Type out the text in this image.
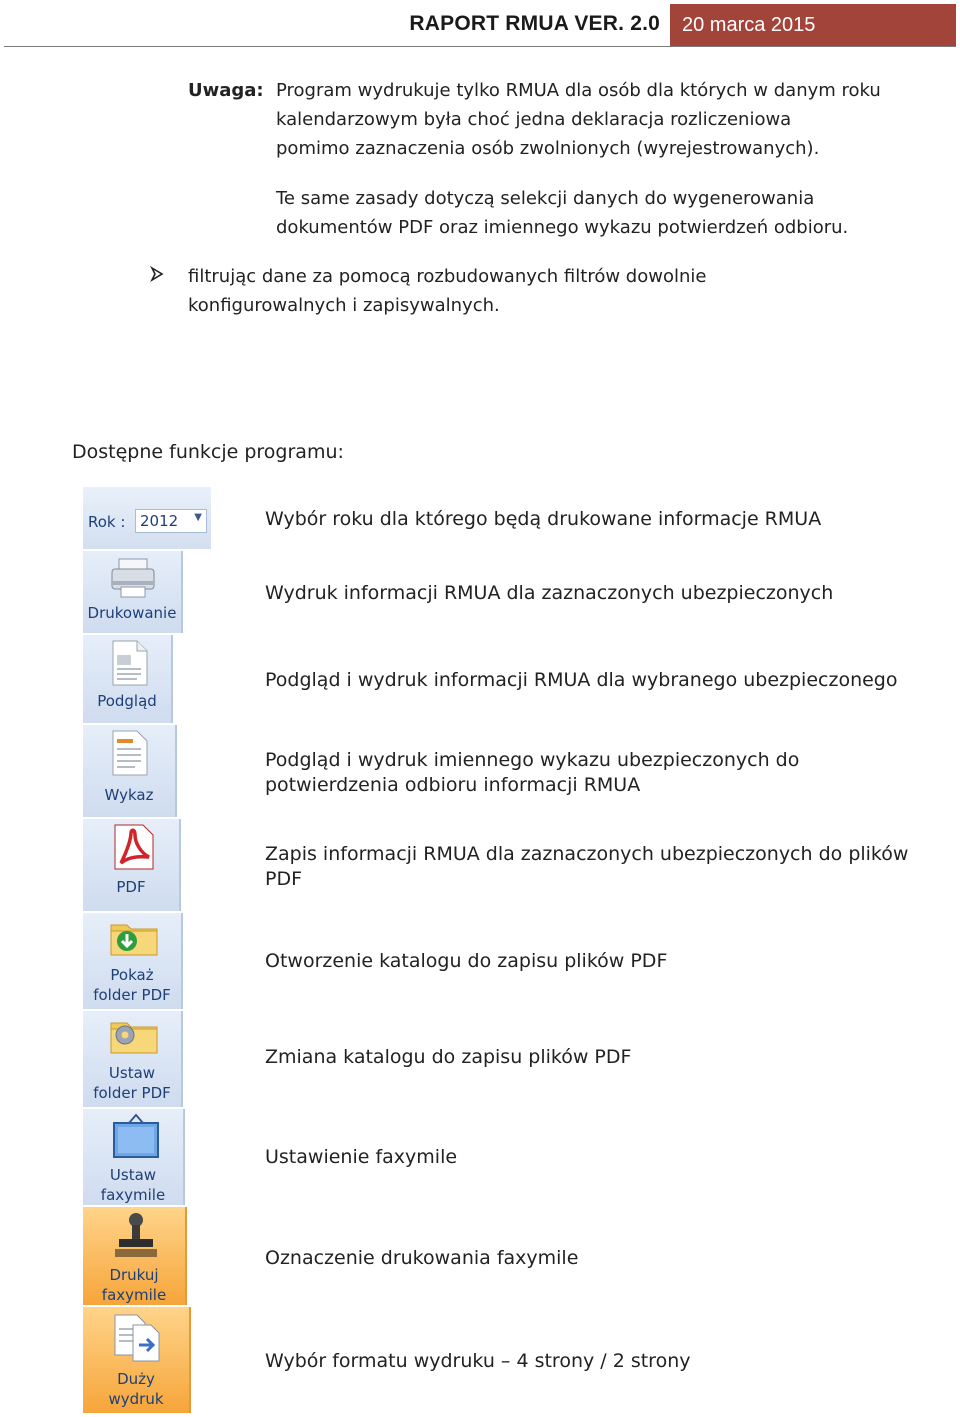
RAPORT RMUA VER. 2.0 20 marca 2015
Uwaga: Program wydrukuje tylko RMUA dla osób dla których w danym roku
kalendarzowym była choć jedna deklaracja rozliczeniowa
pomimo zaznaczenia osób zwolnionych (wyrejestrowanych).
Te same zasady dotyczą selekcji danych do wygenerowania
dokumentów PDF oraz imiennego wykazu potwierdzeń odbioru.
filtrując dane za pomocą rozbudowanych filtrów dowolnie
konfigurowalnych i zapisywalnych.
Dostępne funkcje programu:
Rok : 2012 ▼
Drukowanie
Podgląd
Wykaz
PDF
Pokaż
folder PDF
Ustaw
folder PDF
Ustaw
faxymile
Drukuj
faxymile
Duży
wydruk
Wybór roku dla którego będą drukowane informacje RMUA
Wydruk informacji RMUA dla zaznaczonych ubezpieczonych
Podgląd i wydruk informacji RMUA dla wybranego ubezpieczonego
Podgląd i wydruk imiennego wykazu ubezpieczonych do
potwierdzenia odbioru informacji RMUA
Zapis informacji RMUA dla zaznaczonych ubezpieczonych do plików
PDF
Otworzenie katalogu do zapisu plików PDF
Zmiana katalogu do zapisu plików PDF
Ustawienie faxymile
Oznaczenie drukowania faxymile
Wybór formatu wydruku – 4 strony / 2 strony
